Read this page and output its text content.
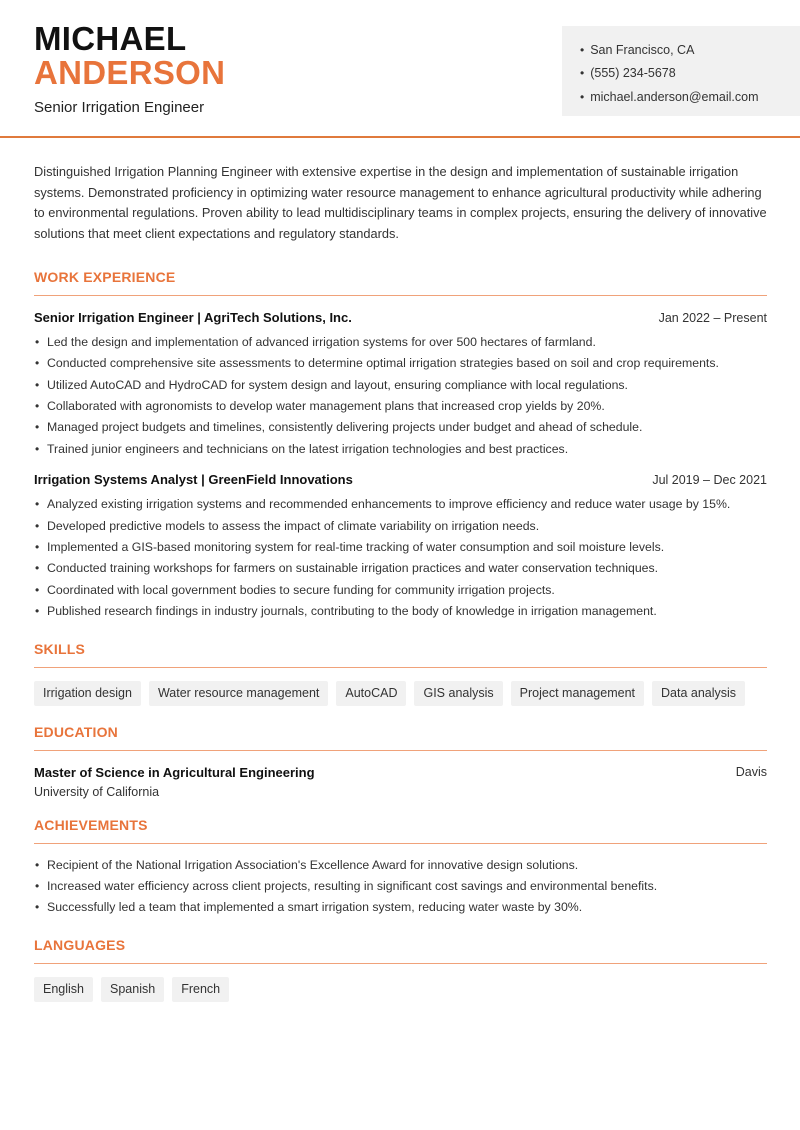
MICHAEL
ANDERSON
Senior Irrigation Engineer
• San Francisco, CA
• (555) 234-5678
• michael.anderson@email.com

Distinguished Irrigation Planning Engineer with extensive expertise in the design and implementation of sustainable irrigation systems. Demonstrated proficiency in optimizing water resource management to enhance agricultural productivity while adhering to environmental regulations. Proven ability to lead multidisciplinary teams in complex projects, ensuring the delivery of innovative solutions that meet client expectations and regulatory standards.

WORK EXPERIENCE
Senior Irrigation Engineer | AgriTech Solutions, Inc.	Jan 2022 – Present
• Led the design and implementation of advanced irrigation systems for over 500 hectares of farmland.
• Conducted comprehensive site assessments to determine optimal irrigation strategies based on soil and crop requirements.
• Utilized AutoCAD and HydroCAD for system design and layout, ensuring compliance with local regulations.
• Collaborated with agronomists to develop water management plans that increased crop yields by 20%.
• Managed project budgets and timelines, consistently delivering projects under budget and ahead of schedule.
• Trained junior engineers and technicians on the latest irrigation technologies and best practices.
Irrigation Systems Analyst | GreenField Innovations	Jul 2019 – Dec 2021
• Analyzed existing irrigation systems and recommended enhancements to improve efficiency and reduce water usage by 15%.
• Developed predictive models to assess the impact of climate variability on irrigation needs.
• Implemented a GIS-based monitoring system for real-time tracking of water consumption and soil moisture levels.
• Conducted training workshops for farmers on sustainable irrigation practices and water conservation techniques.
• Coordinated with local government bodies to secure funding for community irrigation projects.
• Published research findings in industry journals, contributing to the body of knowledge in irrigation management.
SKILLS
Irrigation design	Water resource management	AutoCAD	GIS analysis	Project management	Data analysis
EDUCATION
Master of Science in Agricultural Engineering	Davis
University of California
ACHIEVEMENTS
• Recipient of the National Irrigation Association's Excellence Award for innovative design solutions.
• Increased water efficiency across client projects, resulting in significant cost savings and environmental benefits.
• Successfully led a team that implemented a smart irrigation system, reducing water waste by 30%.
LANGUAGES
English	Spanish	French
